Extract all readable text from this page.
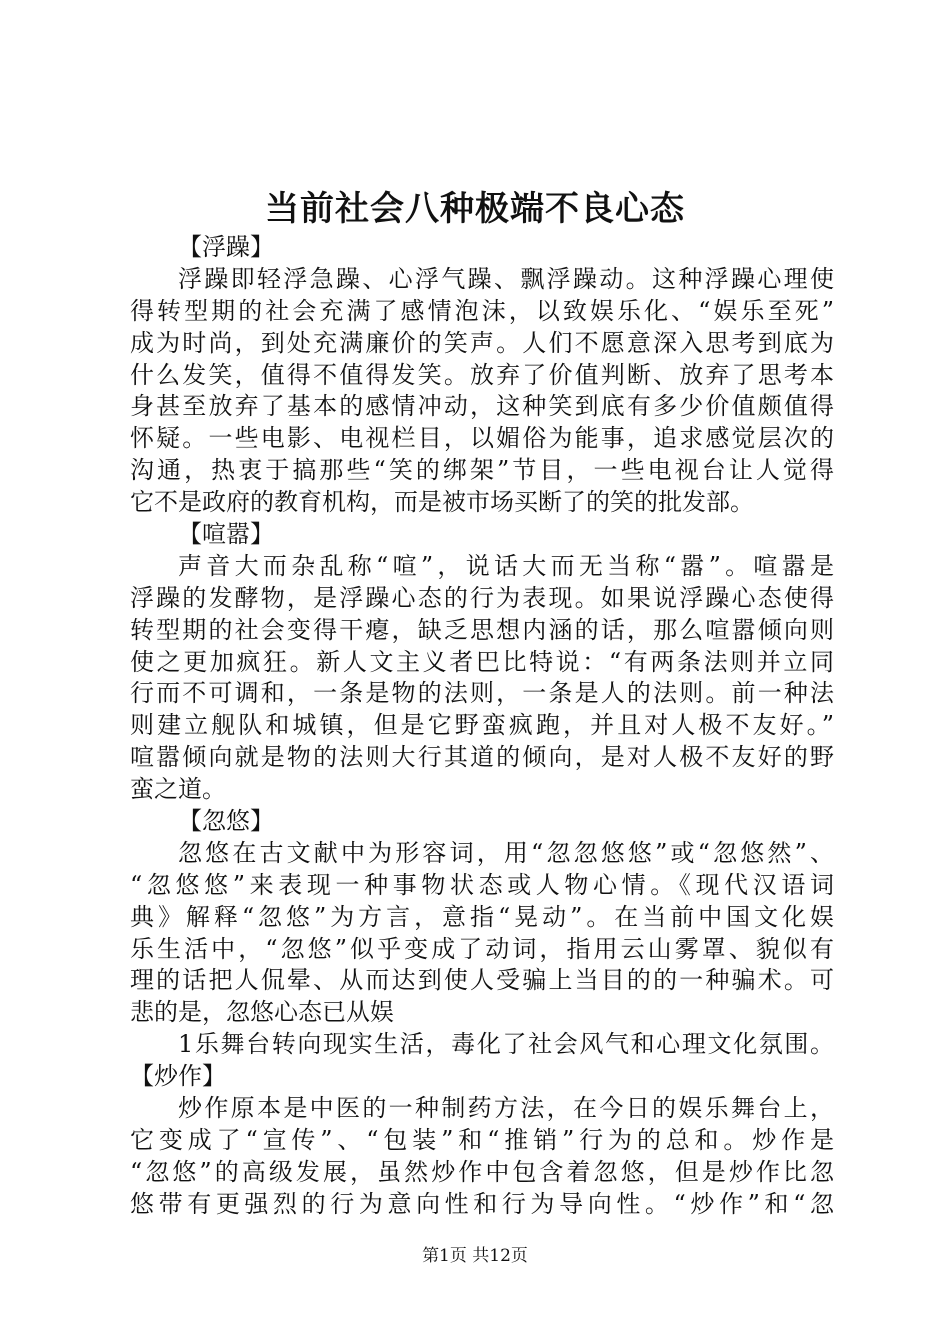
当前社会八种极端不良心态
【浮躁】
浮躁即轻浮急躁、心浮气躁、飘浮躁动。这种浮躁心理使
得转型期的社会充满了感情泡沫，以致娱乐化、“娱乐至死”
成为时尚，到处充满廉价的笑声。人们不愿意深入思考到底为
什么发笑，值得不值得发笑。放弃了价值判断、放弃了思考本
身甚至放弃了基本的感情冲动，这种笑到底有多少价值颇值得
怀疑。一些电影、电视栏目，以媚俗为能事，追求感觉层次的
沟通，热衷于搞那些“笑的绑架”节目，一些电视台让人觉得
它不是政府的教育机构，而是被市场买断了的笑的批发部。
【喧嚣】
声音大而杂乱称“喧”，说话大而无当称“嚣”。喧嚣是
浮躁的发酵物，是浮躁心态的行为表现。如果说浮躁心态使得
转型期的社会变得干瘪，缺乏思想内涵的话，那么喧嚣倾向则
使之更加疯狂。新人文主义者巴比特说：“有两条法则并立同
行而不可调和，一条是物的法则，一条是人的法则。前一种法
则建立舰队和城镇，但是它野蛮疯跑，并且对人极不友好。”
喧嚣倾向就是物的法则大行其道的倾向，是对人极不友好的野
蛮之道。
【忽悠】
忽悠在古文献中为形容词，用“忽忽悠悠”或“忽悠然”、
“忽悠悠”来表现一种事物状态或人物心情。《现代汉语词
典》解释“忽悠”为方言，意指“晃动”。在当前中国文化娱
乐生活中，“忽悠”似乎变成了动词，指用云山雾罩、貌似有
理的话把人侃晕、从而达到使人受骗上当目的的一种骗术。可
悲的是，忽悠心态已从娱
1乐舞台转向现实生活，毒化了社会风气和心理文化氛围。
【炒作】
炒作原本是中医的一种制药方法，在今日的娱乐舞台上，
它变成了“宣传”、“包装”和“推销”行为的总和。炒作是
“忽悠”的高级发展，虽然炒作中包含着忽悠，但是炒作比忽
悠带有更强烈的行为意向性和行为导向性。“炒作”和“忽
第1页 共12页
